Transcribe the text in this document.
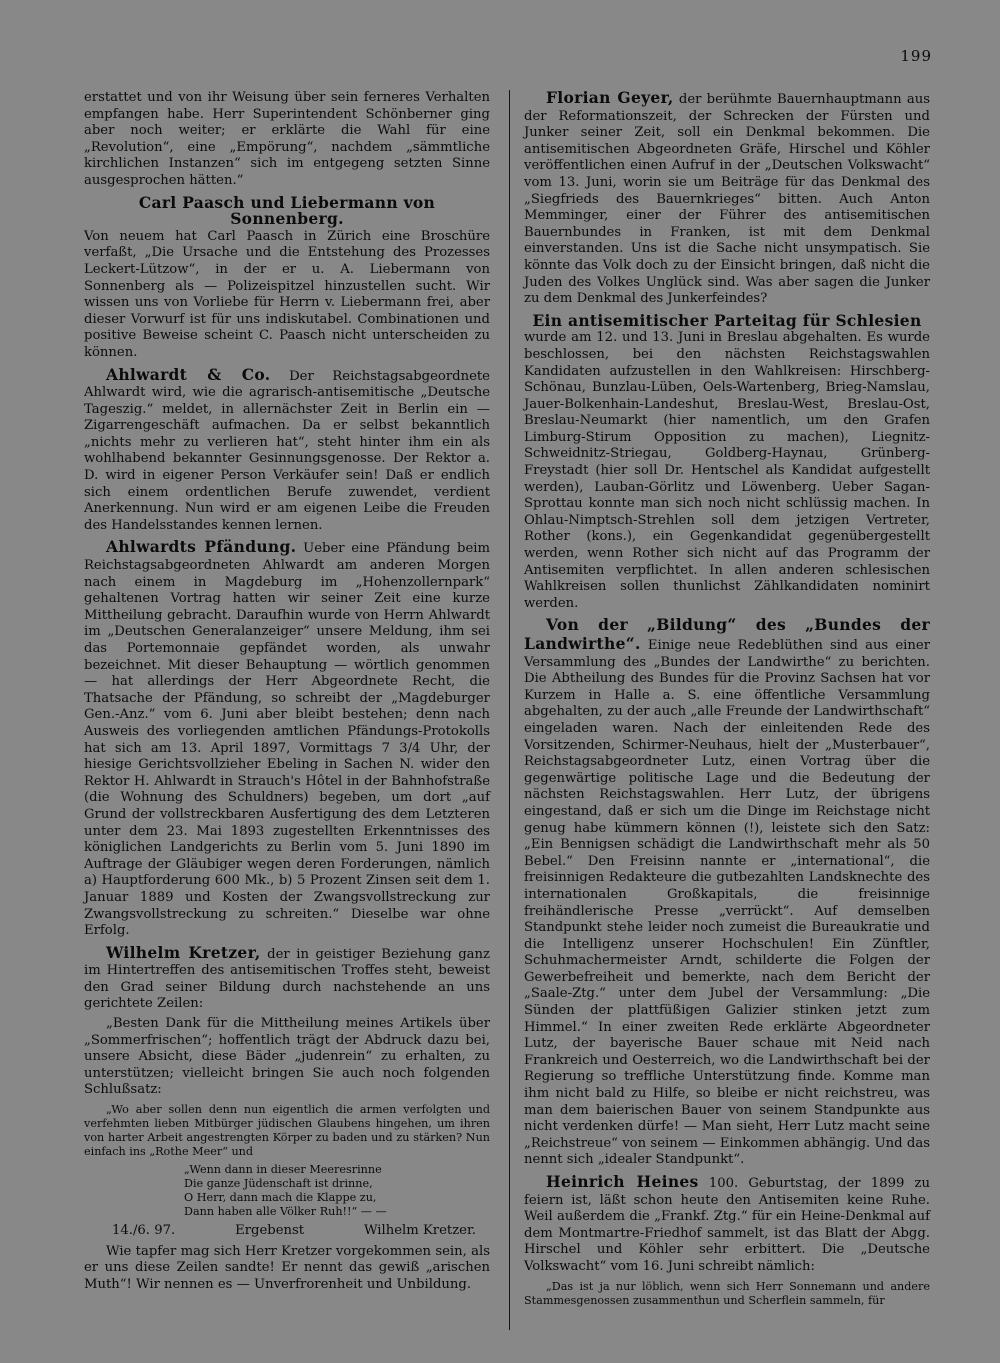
199

erstattet und von ihr Weisung über sein ferneres Verhalten empfangen habe. Herr Superintendent Schönberner ging aber noch weiter; er erklärte die Wahl für eine „Revolution“, eine „Empörung“, nachdem „sämmtliche kirchlichen Instanzen“ sich im entgegeng setzten Sinne ausgesprochen hätten.“

Carl Paasch und Liebermann von Sonnenberg.

Von neuem hat Carl Paasch in Zürich eine Broschüre verfaßt, „Die Ursache und die Entstehung des Prozesses Leckert-Lützow“, in der er u. A. Liebermann von Sonnenberg als — Polizeispitzel hinzustellen sucht. Wir wissen uns von Vorliebe für Herrn v. Liebermann frei, aber dieser Vorwurf ist für uns indiskutabel. Combinationen und positive Beweise scheint C. Paasch nicht unterscheiden zu können.

Ahlwardt & Co. Der Reichstagsabgeordnete Ahlwardt wird, wie die agrarisch-antisemitische „Deutsche Tageszig.“ meldet, in allernächster Zeit in Berlin ein — Zigarrengeschäft aufmachen. Da er selbst bekanntlich „nichts mehr zu verlieren hat“, steht hinter ihm ein als wohlhabend bekannter Gesinnungsgenosse. Der Rektor a. D. wird in eigener Person Verkäufer sein! Daß er endlich sich einem ordentlichen Berufe zuwendet, verdient Anerkennung. Nun wird er am eigenen Leibe die Freuden des Handelsstandes kennen lernen.

Ahlwardts Pfändung. Ueber eine Pfändung beim Reichstagsabgeordneten Ahlwardt am anderen Morgen nach einem in Magdeburg im „Hohenzollernpark“ gehaltenen Vortrag hatten wir seiner Zeit eine kurze Mittheilung gebracht. Daraufhin wurde von Herrn Ahlwardt im „Deutschen Generalanzeiger“ unsere Meldung, ihm sei das Portemonnaie gepfändet worden, als unwahr bezeichnet. Mit dieser Behauptung — wörtlich genommen — hat allerdings der Herr Abgeordnete Recht, die Thatsache der Pfändung, so schreibt der „Magdeburger Gen.-Anz.“ vom 6. Juni aber bleibt bestehen; denn nach Ausweis des vorliegenden amtlichen Pfändungs-Protokolls hat sich am 13. April 1897, Vormittags 7 3/4 Uhr, der hiesige Gerichtsvollzieher Ebeling in Sachen N. wider den Rektor H. Ahlwardt in Strauch's Hôtel in der Bahnhofstraße (die Wohnung des Schuldners) begeben, um dort „auf Grund der vollstreckbaren Ausfertigung des dem Letzteren unter dem 23. Mai 1893 zugestellten Erkenntnisses des königlichen Landgerichts zu Berlin vom 5. Juni 1890 im Auftrage der Gläubiger wegen deren Forderungen, nämlich a) Hauptforderung 600 Mk., b) 5 Prozent Zinsen seit dem 1. Januar 1889 und Kosten der Zwangsvollstreckung zur Zwangsvollstreckung zu schreiten.“ Dieselbe war ohne Erfolg.

Wilhelm Kretzer, der in geistiger Beziehung ganz im Hintertreffen des antisemitischen Troffes steht, beweist den Grad seiner Bildung durch nachstehende an uns gerichtete Zeilen:

„Besten Dank für die Mittheilung meines Artikels über „Sommerfrischen“; hoffentlich trägt der Abdruck dazu bei, unsere Absicht, diese Bäder „judenrein“ zu erhalten, zu unterstützen; vielleicht bringen Sie auch noch folgenden Schlußsatz:

„Wo aber sollen denn nun eigentlich die armen verfolgten und verfehmten lieben Mitbürger jüdischen Glaubens hingehen, um ihren von harter Arbeit angestrengten Körper zu baden und zu stärken? Nun einfach ins „Rothe Meer“ und
„Wenn dann in dieser Meeresrinne
Die ganze Jüdenschaft ist drinne,
O Herr, dann mach die Klappe zu,
Dann haben alle Völker Ruh!!“ — —
14./6. 97.	Ergebenst	Wilhelm Kretzer.

Wie tapfer mag sich Herr Kretzer vorgekommen sein, als er uns diese Zeilen sandte! Er nennt das gewiß „arischen Muth“! Wir nennen es — Unverfrorenheit und Unbildung.

Florian Geyer, der berühmte Bauernhauptmann aus der Reformationszeit, der Schrecken der Fürsten und Junker seiner Zeit, soll ein Denkmal bekommen. Die antisemitischen Abgeordneten Gräfe, Hirschel und Köhler veröffentlichen einen Aufruf in der „Deutschen Volkswacht“ vom 13. Juni, worin sie um Beiträge für das Denkmal des „Siegfrieds des Bauernkrieges“ bitten. Auch Anton Memminger, einer der Führer des antisemitischen Bauernbundes in Franken, ist mit dem Denkmal einverstanden. Uns ist die Sache nicht unsympatisch. Sie könnte das Volk doch zu der Einsicht bringen, daß nicht die Juden des Volkes Unglück sind. Was aber sagen die Junker zu dem Denkmal des Junkerfeindes?

Ein antisemitischer Parteitag für Schlesien

wurde am 12. und 13. Juni in Breslau abgehalten. Es wurde beschlossen, bei den nächsten Reichstagswahlen Kandidaten aufzustellen in den Wahlkreisen: Hirschberg-Schönau, Bunzlau-Lüben, Oels-Wartenberg, Brieg-Namslau, Jauer-Bolkenhain-Landeshut, Breslau-West, Breslau-Ost, Breslau-Neumarkt (hier namentlich, um den Grafen Limburg-Stirum Opposition zu machen), Liegnitz-Schweidnitz-Striegau, Goldberg-Haynau, Grünberg-Freystadt (hier soll Dr. Hentschel als Kandidat aufgestellt werden), Lauban-Görlitz und Löwenberg. Ueber Sagan-Sprottau konnte man sich noch nicht schlüssig machen. In Ohlau-Nimptsch-Strehlen soll dem jetzigen Vertreter, Rother (kons.), ein Gegenkandidat gegenübergestellt werden, wenn Rother sich nicht auf das Programm der Antisemiten verpflichtet. In allen anderen schlesischen Wahlkreisen sollen thunlichst Zählkandidaten nominirt werden.

Von der „Bildung“ des „Bundes der Landwirthe“. Einige neue Redeblüthen sind aus einer Versammlung des „Bundes der Landwirthe“ zu berichten. Die Abtheilung des Bundes für die Provinz Sachsen hat vor Kurzem in Halle a. S. eine öffentliche Versammlung abgehalten, zu der auch „alle Freunde der Landwirthschaft“ eingeladen waren. Nach der einleitenden Rede des Vorsitzenden, Schirmer-Neuhaus, hielt der „Musterbauer“, Reichstagsabgeordneter Lutz, einen Vortrag über die gegenwärtige politische Lage und die Bedeutung der nächsten Reichstagswahlen. Herr Lutz, der übrigens eingestand, daß er sich um die Dinge im Reichstage nicht genug habe kümmern können (!), leistete sich den Satz: „Ein Bennigsen schädigt die Landwirthschaft mehr als 50 Bebel.“ Den Freisinn nannte er „international“, die freisinnigen Redakteure die gutbezahlten Landsknechte des internationalen Großkapitals, die freisinnige freihändlerische Presse „verrückt“. Auf demselben Standpunkt stehe leider noch zumeist die Bureaukratie und die Intelligenz unserer Hochschulen! Ein Zünftler, Schuhmachermeister Arndt, schilderte die Folgen der Gewerbefreiheit und bemerkte, nach dem Bericht der „Saale-Ztg.“ unter dem Jubel der Versammlung: „Die Sünden der plattfüßigen Galizier stinken jetzt zum Himmel.“ In einer zweiten Rede erklärte Abgeordneter Lutz, der bayerische Bauer schaue mit Neid nach Frankreich und Oesterreich, wo die Landwirthschaft bei der Regierung so treffliche Unterstützung finde. Komme man ihm nicht bald zu Hilfe, so bleibe er nicht reichstreu, was man dem baierischen Bauer von seinem Standpunkte aus nicht verdenken dürfe! — Man sieht, Herr Lutz macht seine „Reichstreue“ von seinem — Einkommen abhängig. Und das nennt sich „idealer Standpunkt“.

Heinrich Heines 100. Geburtstag, der 1899 zu feiern ist, läßt schon heute den Antisemiten keine Ruhe. Weil außerdem die „Frankf. Ztg.“ für ein Heine-Denkmal auf dem Montmartre-Friedhof sammelt, ist das Blatt der Abgg. Hirschel und Köhler sehr erbittert. Die „Deutsche Volkswacht“ vom 16. Juni schreibt nämlich:

„Das ist ja nur löblich, wenn sich Herr Sonnemann und andere Stammesgenossen zusammenthun und Scherflein sammeln, für
